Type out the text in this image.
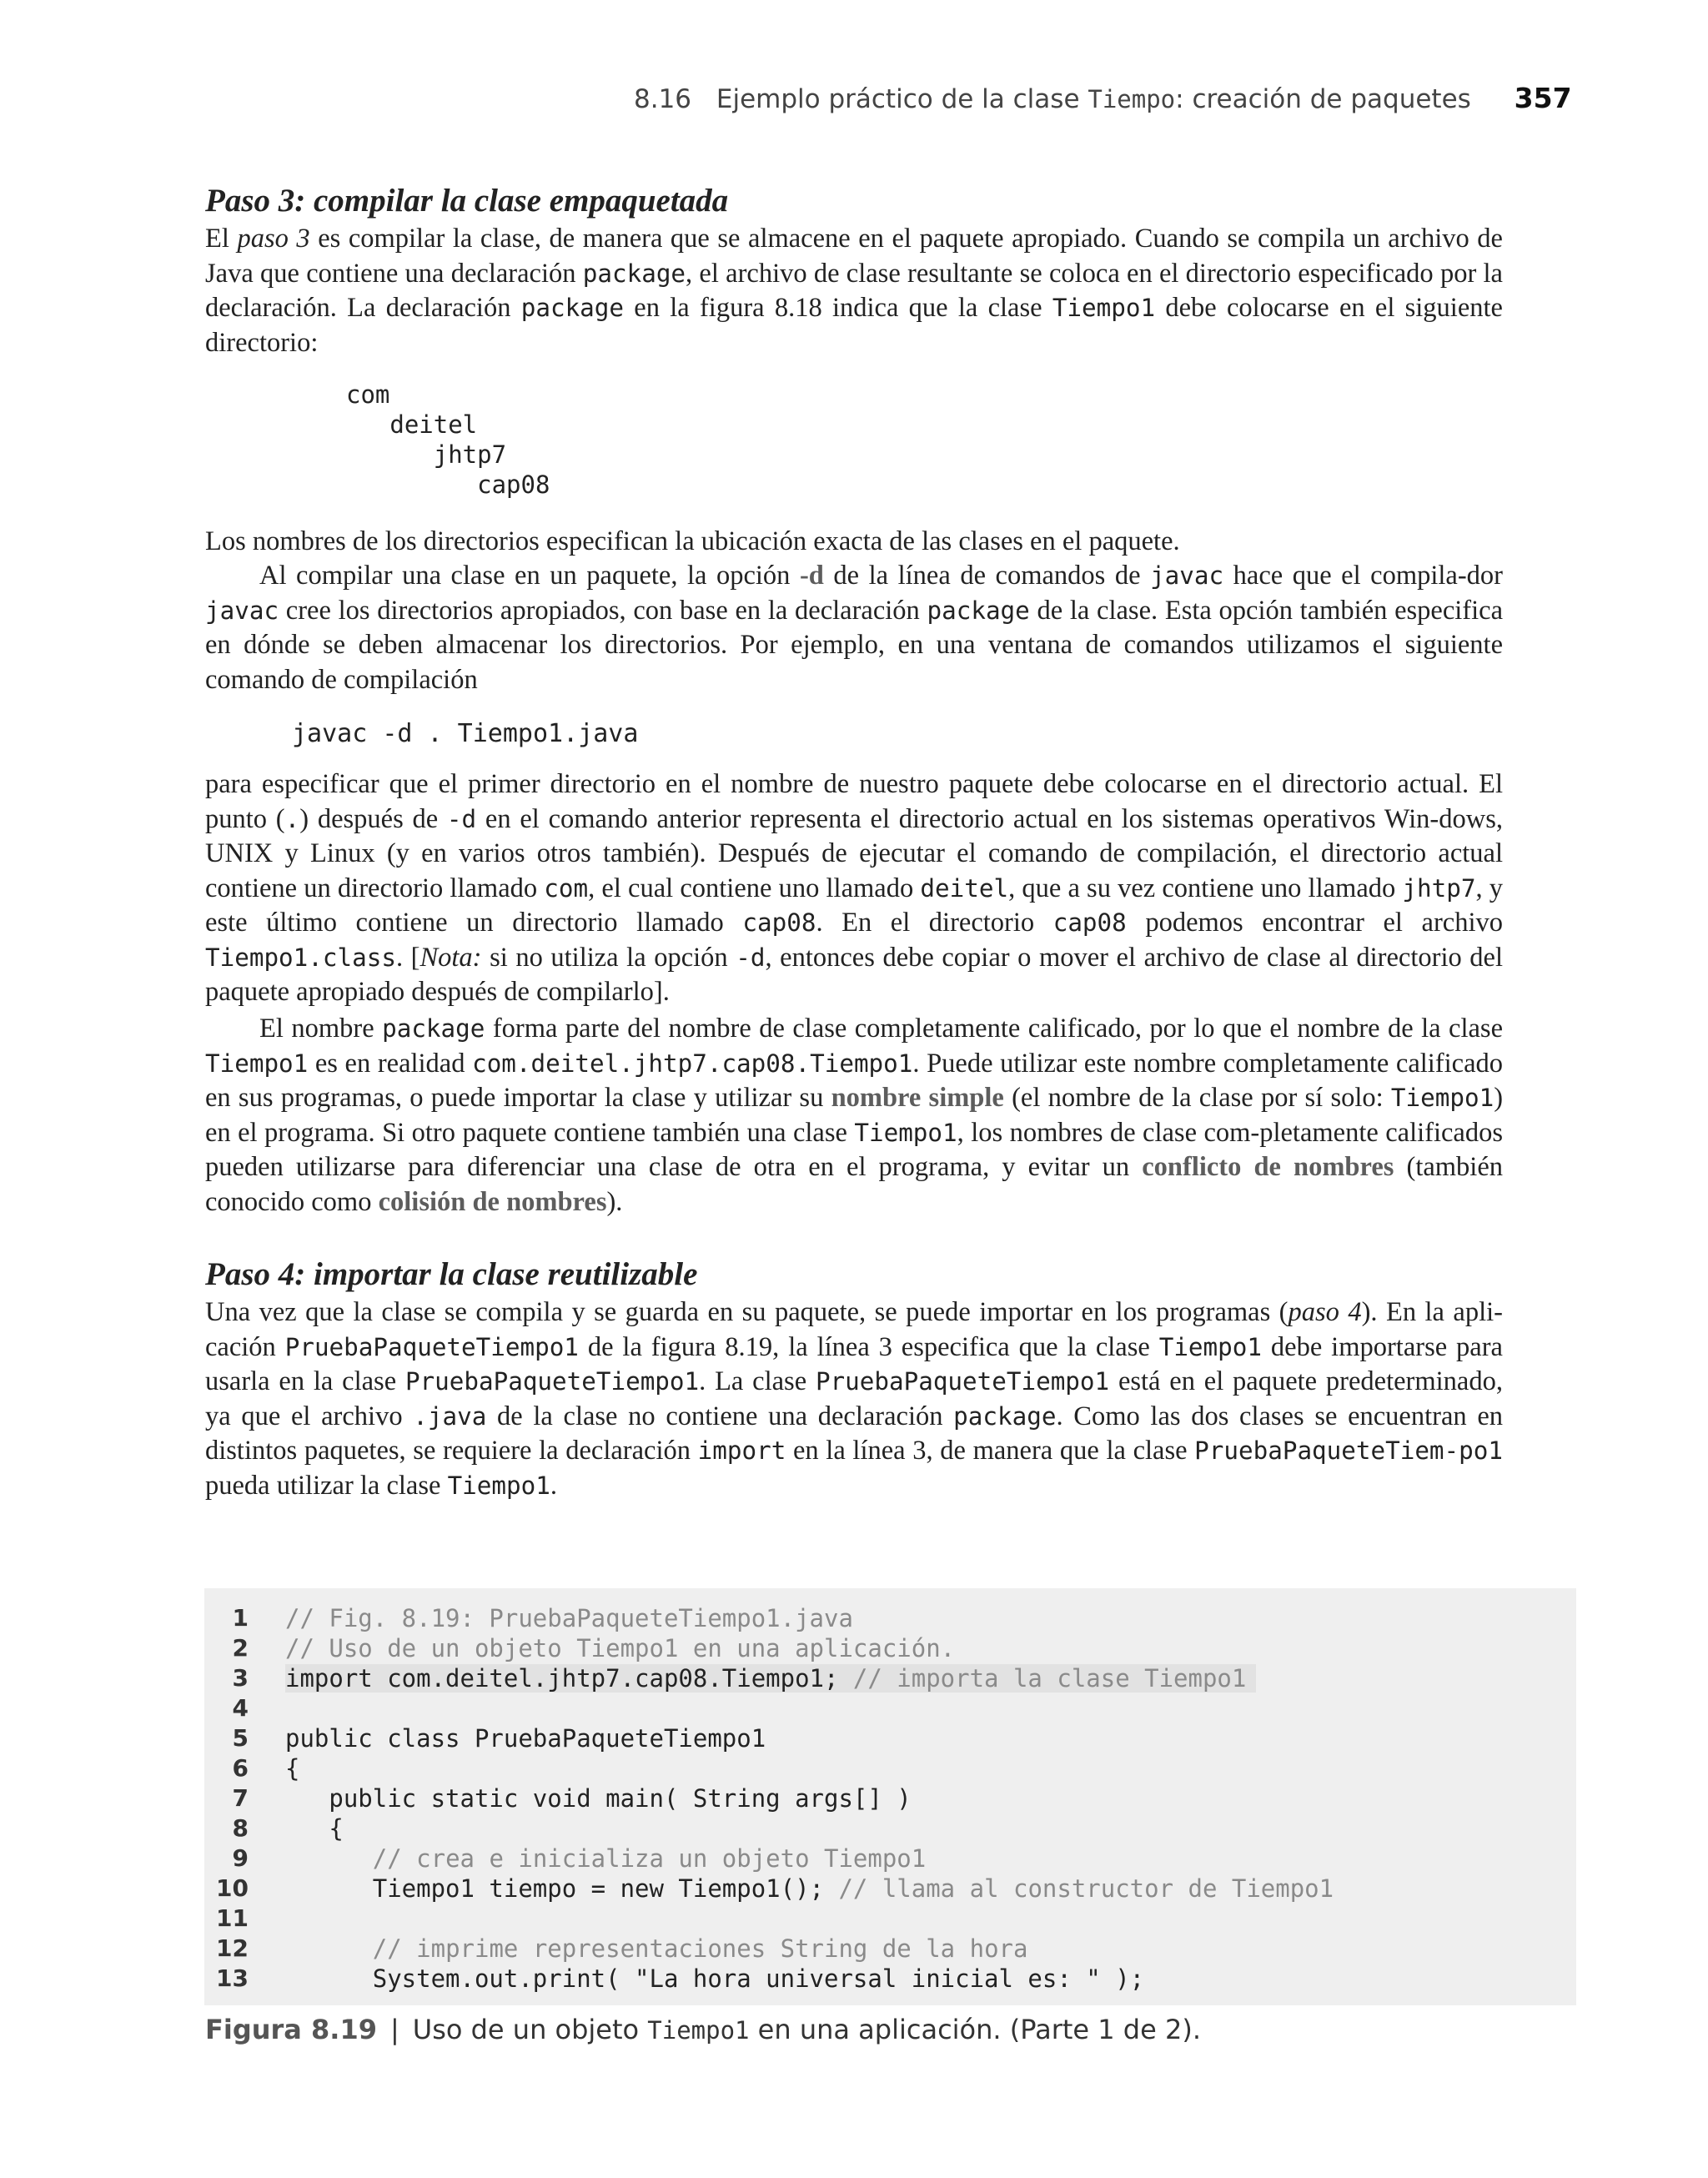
8.16 Ejemplo práctico de la clase Tiempo: creación de paquetes 357
Paso 3: compilar la clase empaquetada
El paso 3 es compilar la clase, de manera que se almacene en el paquete apropiado. Cuando se compila un archivo de Java que contiene una declaración package, el archivo de clase resultante se coloca en el directorio especificado por la declaración. La declaración package en la figura 8.18 indica que la clase Tiempo1 debe colocarse en el siguiente directorio:
com
deitel
jhtp7
cap08
Los nombres de los directorios especifican la ubicación exacta de las clases en el paquete.
Al compilar una clase en un paquete, la opción -d de la línea de comandos de javac hace que el compila-dor javac cree los directorios apropiados, con base en la declaración package de la clase. Esta opción también especifica en dónde se deben almacenar los directorios. Por ejemplo, en una ventana de comandos utilizamos el siguiente comando de compilación
javac -d . Tiempo1.java
para especificar que el primer directorio en el nombre de nuestro paquete debe colocarse en el directorio actual. El punto (.) después de -d en el comando anterior representa el directorio actual en los sistemas operativos Win-dows, UNIX y Linux (y en varios otros también). Después de ejecutar el comando de compilación, el directorio actual contiene un directorio llamado com, el cual contiene uno llamado deitel, que a su vez contiene uno llamado jhtp7, y este último contiene un directorio llamado cap08. En el directorio cap08 podemos encontrar el archivo Tiempo1.class. [Nota: si no utiliza la opción -d, entonces debe copiar o mover el archivo de clase al directorio del paquete apropiado después de compilarlo].
El nombre package forma parte del nombre de clase completamente calificado, por lo que el nombre de la clase Tiempo1 es en realidad com.deitel.jhtp7.cap08.Tiempo1. Puede utilizar este nombre completamente calificado en sus programas, o puede importar la clase y utilizar su nombre simple (el nombre de la clase por sí solo: Tiempo1) en el programa. Si otro paquete contiene también una clase Tiempo1, los nombres de clase com-pletamente calificados pueden utilizarse para diferenciar una clase de otra en el programa, y evitar un conflicto de nombres (también conocido como colisión de nombres).
Paso 4: importar la clase reutilizable
Una vez que la clase se compila y se guarda en su paquete, se puede importar en los programas (paso 4). En la apli-cación PruebaPaqueteTiempo1 de la figura 8.19, la línea 3 especifica que la clase Tiempo1 debe importarse para usarla en la clase PruebaPaqueteTiempo1. La clase PruebaPaqueteTiempo1 está en el paquete predeterminado, ya que el archivo .java de la clase no contiene una declaración package. Como las dos clases se encuentran en distintos paquetes, se requiere la declaración import en la línea 3, de manera que la clase PruebaPaqueteTiem-po1 pueda utilizar la clase Tiempo1.
1 // Fig. 8.19: PruebaPaqueteTiempo1.java
2 // Uso de un objeto Tiempo1 en una aplicación.
3 import com.deitel.jhtp7.cap08.Tiempo1; // importa la clase Tiempo1
4
5 public class PruebaPaqueteTiempo1
6 {
7 public static void main( String args[] )
8 {
9	// crea e inicializa un objeto Tiempo1
10 Tiempo1 tiempo = new Tiempo1(); // llama al constructor de Tiempo1
11
12	// imprime representaciones String de la hora
13 System.out.print( "La hora universal inicial es: " );
Figura 8.19 | Uso de un objeto Tiempo1 en una aplicación. (Parte 1 de 2).
